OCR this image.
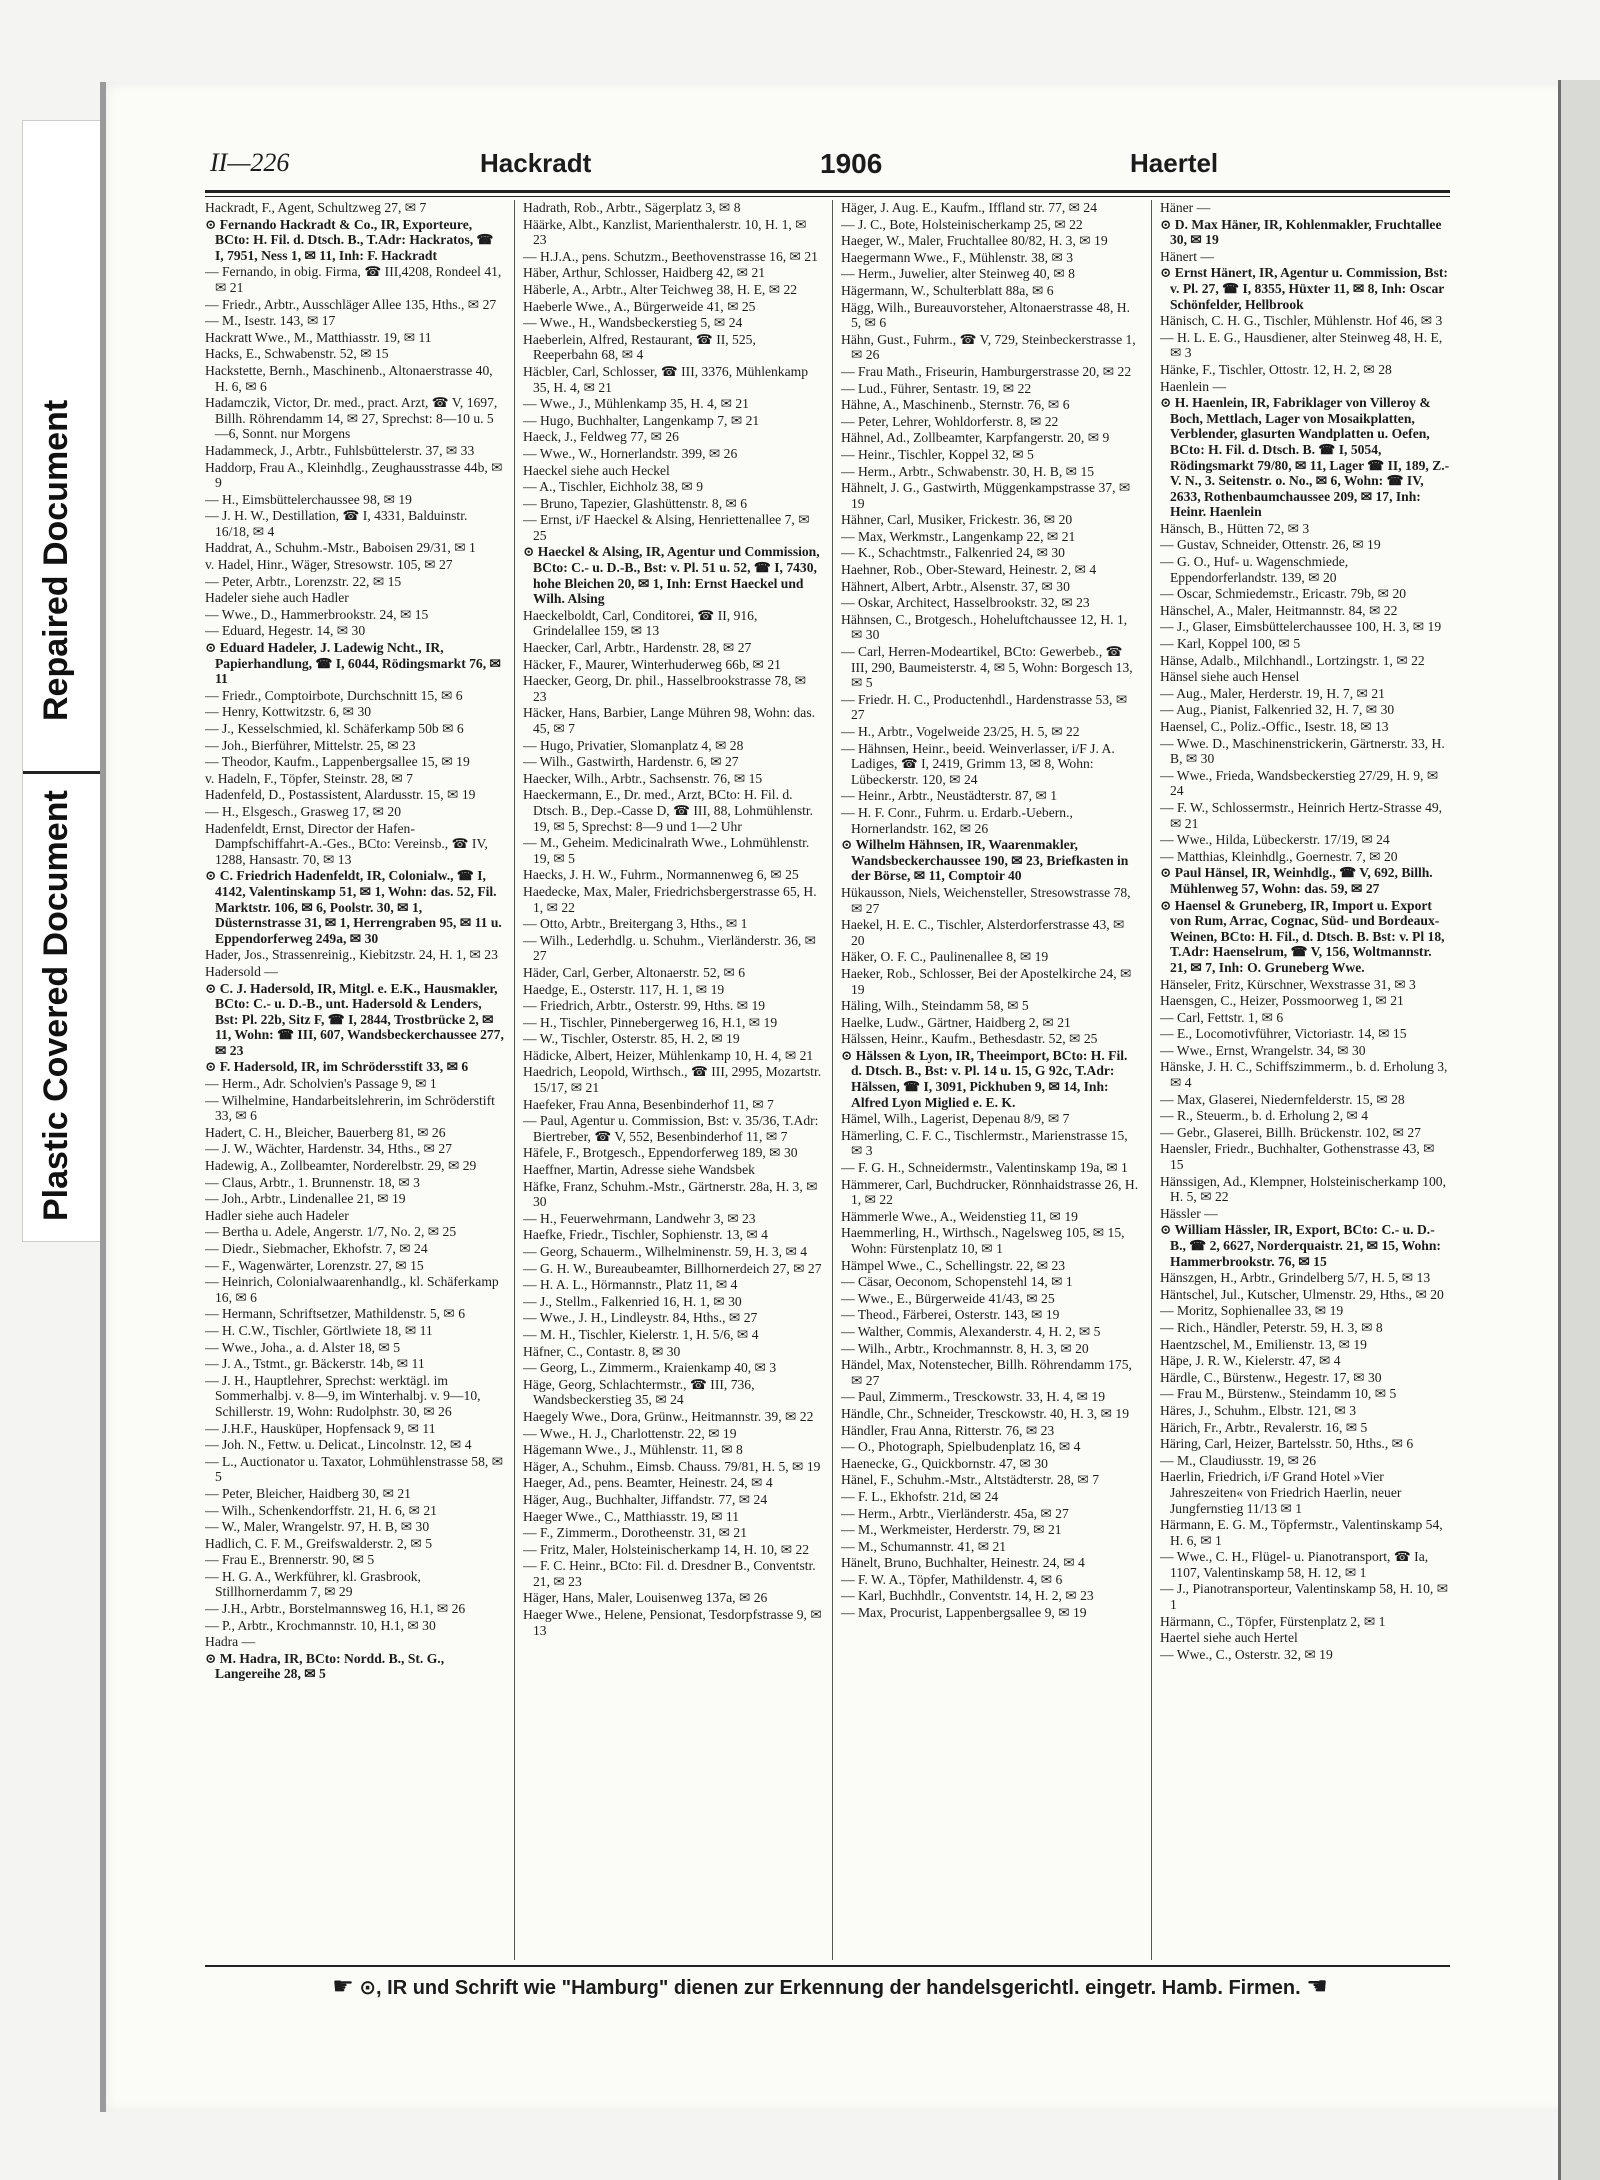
Plastic Covered Document
Repaired Document
II—226	Hackradt	1906	Haertel
Hackradt, F., Agent, Schultzweg 27, ✉ 7
⊙ Fernando Hackradt & Co., IR, Exporteure, BCto: H. Fil. d. Dtsch. B., T.Adr: Hackratos, ☎ I, 7951, Ness 1, ✉ 11, Inh: F. Hackradt
— Fernando, in obig. Firma, ☎ III,4208, Rondeel 41, ✉ 21
— Friedr., Arbtr., Ausschläger Allee 135, Hths., ✉ 27
— M., Isestr. 143, ✉ 17
Hackratt Wwe., M., Matthiasstr. 19, ✉ 11
Hacks, E., Schwabenstr. 52, ✉ 15
Hackstette, Bernh., Maschinenb., Altonaerstrasse 40, H. 6, ✉ 6
Hadamczik, Victor, Dr. med., pract. Arzt, ☎ V, 1697, Billh. Röhrendamm 14, ✉ 27, Sprechst: 8—10 u. 5—6, Sonnt. nur Morgens
Hadammeck, J., Arbtr., Fuhlsbüttelerstr. 37, ✉ 33
Haddorp, Frau A., Kleinhdlg., Zeughausstrasse 44b, ✉ 9
— H., Eimsbüttelerchaussee 98, ✉ 19
— J. H. W., Destillation, ☎ I, 4331, Balduinstr. 16/18, ✉ 4
Haddrat, A., Schuhm.-Mstr., Baboisen 29/31, ✉ 1
v. Hadel, Hinr., Wäger, Stresowstr. 105, ✉ 27
— Peter, Arbtr., Lorenzstr. 22, ✉ 15
Hadeler siehe auch Hadler
— Wwe., D., Hammerbrookstr. 24, ✉ 15
— Eduard, Hegestr. 14, ✉ 30
⊙ Eduard Hadeler, J. Ladewig Ncht., IR, Papierhandlung, ☎ I, 6044, Rödingsmarkt 76, ✉ 11
— Friedr., Comptoirbote, Durchschnitt 15, ✉ 6
— Henry, Kottwitzstr. 6, ✉ 30
— J., Kesselschmied, kl. Schäferkamp 50b ✉ 6
— Joh., Bierführer, Mittelstr. 25, ✉ 23
— Theodor, Kaufm., Lappenbergsallee 15, ✉ 19
v. Hadeln, F., Töpfer, Steinstr. 28, ✉ 7
Hadenfeld, D., Postassistent, Alardusstr. 15, ✉ 19
— H., Elsgesch., Grasweg 17, ✉ 20
Hadenfeldt, Ernst, Director der Hafen-Dampfschiffahrt-A.-Ges., BCto: Vereinsb., ☎ IV, 1288, Hansastr. 70, ✉ 13
⊙ C. Friedrich Hadenfeldt, IR, Colonialw., ☎ I, 4142, Valentinskamp 51, ✉ 1, Wohn: das. 52, Fil. Marktstr. 106, ✉ 6, Poolstr. 30, ✉ 1, Düsternstrasse 31, ✉ 1, Herrengraben 95, ✉ 11 u. Eppendorferweg 249a, ✉ 30
Hader, Jos., Strassenreinig., Kiebitzstr. 24, H. 1, ✉ 23
Hadersold —
⊙ C. J. Hadersold, IR, Mitgl. e. E.K., Hausmakler, BCto: C.- u. D.-B., unt. Hadersold & Lenders, Bst: Pl. 22b, Sitz F, ☎ I, 2844, Trostbrücke 2, ✉ 11, Wohn: ☎ III, 607, Wandsbeckerchaussee 277, ✉ 23
⊙ F. Hadersold, IR, im Schrödersstift 33, ✉ 6
— Herm., Adr. Scholvien's Passage 9, ✉ 1
— Wilhelmine, Handarbeitslehrerin, im Schröderstift 33, ✉ 6
Hadert, C. H., Bleicher, Bauerberg 81, ✉ 26
— J. W., Wächter, Hardenstr. 34, Hths., ✉ 27
Hadewig, A., Zollbeamter, Norderelbstr. 29, ✉ 29
— Claus, Arbtr., 1. Brunnenstr. 18, ✉ 3
— Joh., Arbtr., Lindenallee 21, ✉ 19
Hadler siehe auch Hadeler
— Bertha u. Adele, Angerstr. 1/7, No. 2, ✉ 25
— Diedr., Siebmacher, Ekhofstr. 7, ✉ 24
— F., Wagenwärter, Lorenzstr. 27, ✉ 15
— Heinrich, Colonialwaarenhandlg., kl. Schäferkamp 16, ✉ 6
— Hermann, Schriftsetzer, Mathildenstr. 5, ✉ 6
— H. C.W., Tischler, Görtlwiete 18, ✉ 11
— Wwe., Joha., a. d. Alster 18, ✉ 5
— J. A., Tstmt., gr. Bäckerstr. 14b, ✉ 11
— J. H., Hauptlehrer, Sprechst: werktägl. im Sommerhalbj. v. 8—9, im Winterhalbj. v. 9—10, Schillerstr. 19, Wohn: Rudolphstr. 30, ✉ 26
— J.H.F., Hausküper, Hopfensack 9, ✉ 11
— Joh. N., Fettw. u. Delicat., Lincolnstr. 12, ✉ 4
— L., Auctionator u. Taxator, Lohmühlenstrasse 58, ✉ 5
— Peter, Bleicher, Haidberg 30, ✉ 21
— Wilh., Schenkendorffstr. 21, H. 6, ✉ 21
— W., Maler, Wrangelstr. 97, H. B, ✉ 30
Hadlich, C. F. M., Greifswalderstr. 2, ✉ 5
— Frau E., Brennerstr. 90, ✉ 5
— H. G. A., Werkführer, kl. Grasbrook, Stillhornerdamm 7, ✉ 29
— J.H., Arbtr., Borstelmannsweg 16, H.1, ✉ 26
— P., Arbtr., Krochmannstr. 10, H.1, ✉ 30
Hadra —
⊙ M. Hadra, IR, BCto: Nordd. B., St. G., Langereihe 28, ✉ 5
Hadrath, Rob., Arbtr., Sägerplatz 3, ✉ 8
Häärke, Albt., Kanzlist, Marienthalerstr. 10, H. 1, ✉ 23
— H.J.A., pens. Schutzm., Beethovenstrasse 16, ✉ 21
Häber, Arthur, Schlosser, Haidberg 42, ✉ 21
Häberle, A., Arbtr., Alter Teichweg 38, H. E, ✉ 22
Haeberle Wwe., A., Bürgerweide 41, ✉ 25
— Wwe., H., Wandsbeckerstieg 5, ✉ 24
Haeberlein, Alfred, Restaurant, ☎ II, 525, Reeperbahn 68, ✉ 4
Häcbler, Carl, Schlosser, ☎ III, 3376, Mühlenkamp 35, H. 4, ✉ 21
— Wwe., J., Mühlenkamp 35, H. 4, ✉ 21
— Hugo, Buchhalter, Langenkamp 7, ✉ 21
Haeck, J., Feldweg 77, ✉ 26
— Wwe., W., Hornerlandstr. 399, ✉ 26
Haeckel siehe auch Heckel
— A., Tischler, Eichholz 38, ✉ 9
— Bruno, Tapezier, Glashüttenstr. 8, ✉ 6
— Ernst, i/F Haeckel & Alsing, Henriettenallee 7, ✉ 25
⊙ Haeckel & Alsing, IR, Agentur und Commission, BCto: C.- u. D.-B., Bst: v. Pl. 51 u. 52, ☎ I, 7430, hohe Bleichen 20, ✉ 1, Inh: Ernst Haeckel und Wilh. Alsing
Haeckelboldt, Carl, Conditorei, ☎ II, 916, Grindelallee 159, ✉ 13
Haecker, Carl, Arbtr., Hardenstr. 28, ✉ 27
Häcker, F., Maurer, Winterhuderweg 66b, ✉ 21
Haecker, Georg, Dr. phil., Hasselbrookstrasse 78, ✉ 23
Häcker, Hans, Barbier, Lange Mühren 98, Wohn: das. 45, ✉ 7
— Hugo, Privatier, Slomanplatz 4, ✉ 28
— Wilh., Gastwirth, Hardenstr. 6, ✉ 27
Haecker, Wilh., Arbtr., Sachsenstr. 76, ✉ 15
Haeckermann, E., Dr. med., Arzt, BCto: H. Fil. d. Dtsch. B., Dep.-Casse D, ☎ III, 88, Lohmühlenstr. 19, ✉ 5, Sprechst: 8—9 und 1—2 Uhr
— M., Geheim. Medicinalrath Wwe., Lohmühlenstr. 19, ✉ 5
Haecks, J. H. W., Fuhrm., Normannenweg 6, ✉ 25
Haedecke, Max, Maler, Friedrichsbergerstrasse 65, H. 1, ✉ 22
— Otto, Arbtr., Breitergang 3, Hths., ✉ 1
— Wilh., Lederhdlg. u. Schuhm., Vierländerstr. 36, ✉ 27
Häder, Carl, Gerber, Altonaerstr. 52, ✉ 6
Haedge, E., Osterstr. 117, H. 1, ✉ 19
— Friedrich, Arbtr., Osterstr. 99, Hths. ✉ 19
— H., Tischler, Pinnebergerweg 16, H.1, ✉ 19
— W., Tischler, Osterstr. 85, H. 2, ✉ 19
Hädicke, Albert, Heizer, Mühlenkamp 10, H. 4, ✉ 21
Haedrich, Leopold, Wirthsch., ☎ III, 2995, Mozartstr. 15/17, ✉ 21
Haefeker, Frau Anna, Besenbinderhof 11, ✉ 7
— Paul, Agentur u. Commission, Bst: v. 35/36, T.Adr: Biertreber, ☎ V, 552, Besenbinderhof 11, ✉ 7
Häfele, F., Brotgesch., Eppendorferweg 189, ✉ 30
Haeffner, Martin, Adresse siehe Wandsbek
Häfke, Franz, Schuhm.-Mstr., Gärtnerstr. 28a, H. 3, ✉ 30
— H., Feuerwehrmann, Landwehr 3, ✉ 23
Haefke, Friedr., Tischler, Sophienstr. 13, ✉ 4
— Georg, Schauerm., Wilhelminenstr. 59, H. 3, ✉ 4
— G. H. W., Bureaubeamter, Billhornerdeich 27, ✉ 27
— H. A. L., Hörmannstr., Platz 11, ✉ 4
— J., Stellm., Falkenried 16, H. 1, ✉ 30
— Wwe., J. H., Lindleystr. 84, Hths., ✉ 27
— M. H., Tischler, Kielerstr. 1, H. 5/6, ✉ 4
Häfner, C., Contastr. 8, ✉ 30
— Georg, L., Zimmerm., Kraienkamp 40, ✉ 3
Häge, Georg, Schlachtermstr., ☎ III, 736, Wandsbeckerstieg 35, ✉ 24
Haegely Wwe., Dora, Grünw., Heitmannstr. 39, ✉ 22
— Wwe., H. J., Charlottenstr. 22, ✉ 19
Hägemann Wwe., J., Mühlenstr. 11, ✉ 8
Häger, A., Schuhm., Eimsb. Chauss. 79/81, H. 5, ✉ 19
Haeger, Ad., pens. Beamter, Heinestr. 24, ✉ 4
Häger, Aug., Buchhalter, Jiffandstr. 77, ✉ 24
Haeger Wwe., C., Matthiasstr. 19, ✉ 11
— F., Zimmerm., Dorotheenstr. 31, ✉ 21
— Fritz, Maler, Holsteinischerkamp 14, H. 10, ✉ 22
— F. C. Heinr., BCto: Fil. d. Dresdner B., Conventstr. 21, ✉ 23
Häger, Hans, Maler, Louisenweg 137a, ✉ 26
Haeger Wwe., Helene, Pensionat, Tesdorpfstrasse 9, ✉ 13
Häger, J. Aug. E., Kaufm., Iffland str. 77, ✉ 24
— J. C., Bote, Holsteinischerkamp 25, ✉ 22
Haeger, W., Maler, Fruchtallee 80/82, H. 3, ✉ 19
Haegermann Wwe., F., Mühlenstr. 38, ✉ 3
— Herm., Juwelier, alter Steinweg 40, ✉ 8
Hägermann, W., Schulterblatt 88a, ✉ 6
Hägg, Wilh., Bureauvorsteher, Altonaerstrasse 48, H. 5, ✉ 6
Hähn, Gust., Fuhrm., ☎ V, 729, Steinbeckerstrasse 1, ✉ 26
— Frau Math., Friseurin, Hamburgerstrasse 20, ✉ 22
— Lud., Führer, Sentastr. 19, ✉ 22
Hähne, A., Maschinenb., Sternstr. 76, ✉ 6
— Peter, Lehrer, Wohldorferstr. 8, ✉ 22
Hähnel, Ad., Zollbeamter, Karpfangerstr. 20, ✉ 9
— Heinr., Tischler, Koppel 32, ✉ 5
— Herm., Arbtr., Schwabenstr. 30, H. B, ✉ 15
Hähnelt, J. G., Gastwirth, Müggenkampstrasse 37, ✉ 19
Hähner, Carl, Musiker, Frickestr. 36, ✉ 20
— Max, Werkmstr., Langenkamp 22, ✉ 21
— K., Schachtmstr., Falkenried 24, ✉ 30
Haehner, Rob., Ober-Steward, Heinestr. 2, ✉ 4
Hähnert, Albert, Arbtr., Alsenstr. 37, ✉ 30
— Oskar, Architect, Hasselbrookstr. 32, ✉ 23
Hähnsen, C., Brotgesch., Hoheluftchaussee 12, H. 1, ✉ 30
— Carl, Herren-Modeartikel, BCto: Gewerbeb., ☎ III, 290, Baumeisterstr. 4, ✉ 5, Wohn: Borgesch 13, ✉ 5
— Friedr. H. C., Productenhdl., Hardenstrasse 53, ✉ 27
— H., Arbtr., Vogelweide 23/25, H. 5, ✉ 22
— Hähnsen, Heinr., beeid. Weinverlasser, i/F J. A. Ladiges, ☎ I, 2419, Grimm 13, ✉ 8, Wohn: Lübeckerstr. 120, ✉ 24
— Heinr., Arbtr., Neustädterstr. 87, ✉ 1
— H. F. Conr., Fuhrm. u. Erdarb.-Uebern., Hornerlandstr. 162, ✉ 26
⊙ Wilhelm Hähnsen, IR, Waarenmakler, Wandsbeckerchaussee 190, ✉ 23, Briefkasten in der Börse, ✉ 11, Comptoir 40
Hükausson, Niels, Weichensteller, Stresowstrasse 78, ✉ 27
Haekel, H. E. C., Tischler, Alsterdorferstrasse 43, ✉ 20
Häker, O. F. C., Paulinenallee 8, ✉ 19
Haeker, Rob., Schlosser, Bei der Apostelkirche 24, ✉ 19
Häling, Wilh., Steindamm 58, ✉ 5
Haelke, Ludw., Gärtner, Haidberg 2, ✉ 21
Hälssen, Heinr., Kaufm., Bethesdastr. 52, ✉ 25
⊙ Hälssen & Lyon, IR, Theeimport, BCto: H. Fil. d. Dtsch. B., Bst: v. Pl. 14 u. 15, G 92c, T.Adr: Hälssen, ☎ I, 3091, Pickhuben 9, ✉ 14, Inh: Alfred Lyon Miglied e. E. K.
Hämel, Wilh., Lagerist, Depenau 8/9, ✉ 7
Hämerling, C. F. C., Tischlermstr., Marienstrasse 15, ✉ 3
— F. G. H., Schneidermstr., Valentinskamp 19a, ✉ 1
Hämmerer, Carl, Buchdrucker, Rönnhaidstrasse 26, H. 1, ✉ 22
Hämmerle Wwe., A., Weidenstieg 11, ✉ 19
Haemmerling, H., Wirthsch., Nagelsweg 105, ✉ 15, Wohn: Fürstenplatz 10, ✉ 1
Hämpel Wwe., C., Schellingstr. 22, ✉ 23
— Cäsar, Oeconom, Schopenstehl 14, ✉ 1
— Wwe., E., Bürgerweide 41/43, ✉ 25
— Theod., Färberei, Osterstr. 143, ✉ 19
— Walther, Commis, Alexanderstr. 4, H. 2, ✉ 5
— Wilh., Arbtr., Krochmannstr. 8, H. 3, ✉ 20
Händel, Max, Notenstecher, Billh. Röhrendamm 175, ✉ 27
— Paul, Zimmerm., Tresckowstr. 33, H. 4, ✉ 19
Händle, Chr., Schneider, Tresckowstr. 40, H. 3, ✉ 19
Händler, Frau Anna, Ritterstr. 76, ✉ 23
— O., Photograph, Spielbudenplatz 16, ✉ 4
Haenecke, G., Quickbornstr. 47, ✉ 30
Hänel, F., Schuhm.-Mstr., Altstädterstr. 28, ✉ 7
— F. L., Ekhofstr. 21d, ✉ 24
— Herm., Arbtr., Vierländerstr. 45a, ✉ 27
— M., Werkmeister, Herderstr. 79, ✉ 21
— M., Schumannstr. 41, ✉ 21
Hänelt, Bruno, Buchhalter, Heinestr. 24, ✉ 4
— F. W. A., Töpfer, Mathildenstr. 4, ✉ 6
— Karl, Buchhdlr., Conventstr. 14, H. 2, ✉ 23
— Max, Procurist, Lappenbergsallee 9, ✉ 19
Häner —
⊙ D. Max Häner, IR, Kohlenmakler, Fruchtallee 30, ✉ 19
Hänert —
⊙ Ernst Hänert, IR, Agentur u. Commission, Bst: v. Pl. 27, ☎ I, 8355, Hüxter 11, ✉ 8, Inh: Oscar Schönfelder, Hellbrook
Hänisch, C. H. G., Tischler, Mühlenstr. Hof 46, ✉ 3
— H. L. E. G., Hausdiener, alter Steinweg 48, H. E, ✉ 3
Hänke, F., Tischler, Ottostr. 12, H. 2, ✉ 28
Haenlein —
⊙ H. Haenlein, IR, Fabriklager von Villeroy & Boch, Mettlach, Lager von Mosaikplatten, Verblender, glasurten Wandplatten u. Oefen, BCto: H. Fil. d. Dtsch. B. ☎ I, 5054, Rödingsmarkt 79/80, ✉ 11, Lager ☎ II, 189, Z.-V. N., 3. Seitenstr. o. No., ✉ 6, Wohn: ☎ IV, 2633, Rothenbaumchaussee 209, ✉ 17, Inh: Heinr. Haenlein
Hänsch, B., Hütten 72, ✉ 3
— Gustav, Schneider, Ottenstr. 26, ✉ 19
— G. O., Huf- u. Wagenschmiede, Eppendorferlandstr. 139, ✉ 20
— Oscar, Schmiedemstr., Ericastr. 79b, ✉ 20
Hänschel, A., Maler, Heitmannstr. 84, ✉ 22
— J., Glaser, Eimsbüttelerchaussee 100, H. 3, ✉ 19
— Karl, Koppel 100, ✉ 5
Hänse, Adalb., Milchhandl., Lortzingstr. 1, ✉ 22
Hänsel siehe auch Hensel
— Aug., Maler, Herderstr. 19, H. 7, ✉ 21
— Aug., Pianist, Falkenried 32, H. 7, ✉ 30
Haensel, C., Poliz.-Offic., Isestr. 18, ✉ 13
— Wwe. D., Maschinenstrickerin, Gärtnerstr. 33, H. B, ✉ 30
— Wwe., Frieda, Wandsbeckerstieg 27/29, H. 9, ✉ 24
— F. W., Schlossermstr., Heinrich Hertz-Strasse 49, ✉ 21
— Wwe., Hilda, Lübeckerstr. 17/19, ✉ 24
— Matthias, Kleinhdlg., Goernestr. 7, ✉ 20
⊙ Paul Hänsel, IR, Weinhdlg., ☎ V, 692, Billh. Mühlenweg 57, Wohn: das. 59, ✉ 27
⊙ Haensel & Gruneberg, IR, Import u. Export von Rum, Arrac, Cognac, Süd- und Bordeaux-Weinen, BCto: H. Fil., d. Dtsch. B. Bst: v. Pl 18, T.Adr: Haenselrum, ☎ V, 156, Woltmannstr. 21, ✉ 7, Inh: O. Gruneberg Wwe.
Hänseler, Fritz, Kürschner, Wexstrasse 31, ✉ 3
Haensgen, C., Heizer, Possmoorweg 1, ✉ 21
— Carl, Fettstr. 1, ✉ 6
— E., Locomotivführer, Victoriastr. 14, ✉ 15
— Wwe., Ernst, Wrangelstr. 34, ✉ 30
Hänske, J. H. C., Schiffszimmerm., b. d. Erholung 3, ✉ 4
— Max, Glaserei, Niedernfelderstr. 15, ✉ 28
— R., Steuerm., b. d. Erholung 2, ✉ 4
— Gebr., Glaserei, Billh. Brückenstr. 102, ✉ 27
Haensler, Friedr., Buchhalter, Gothenstrasse 43, ✉ 15
Hänssigen, Ad., Klempner, Holsteinischerkamp 100, H. 5, ✉ 22
Hässler —
⊙ William Hässler, IR, Export, BCto: C.- u. D.-B., ☎ 2, 6627, Norderquaistr. 21, ✉ 15, Wohn: Hammerbrookstr. 76, ✉ 15
Hänszgen, H., Arbtr., Grindelberg 5/7, H. 5, ✉ 13
Häntschel, Jul., Kutscher, Ulmenstr. 29, Hths., ✉ 20
— Moritz, Sophienallee 33, ✉ 19
— Rich., Händler, Peterstr. 59, H. 3, ✉ 8
Haentzschel, M., Emilienstr. 13, ✉ 19
Häpe, J. R. W., Kielerstr. 47, ✉ 4
Härdle, C., Bürstenw., Hegestr. 17, ✉ 30
— Frau M., Bürstenw., Steindamm 10, ✉ 5
Häres, J., Schuhm., Elbstr. 121, ✉ 3
Härich, Fr., Arbtr., Revalerstr. 16, ✉ 5
Häring, Carl, Heizer, Bartelsstr. 50, Hths., ✉ 6
— M., Claudiusstr. 19, ✉ 26
Haerlin, Friedrich, i/F Grand Hotel »Vier Jahreszeiten« von Friedrich Haerlin, neuer Jungfernstieg 11/13 ✉ 1
Härmann, E. G. M., Töpfermstr., Valentinskamp 54, H. 6, ✉ 1
— Wwe., C. H., Flügel- u. Pianotransport, ☎ Ia, 1107, Valentinskamp 58, H. 12, ✉ 1
— J., Pianotransporteur, Valentinskamp 58, H. 10, ✉ 1
Härmann, C., Töpfer, Fürstenplatz 2, ✉ 1
Haertel siehe auch Hertel
— Wwe., C., Osterstr. 32, ✉ 19
☛ ⊙, IR und Schrift wie "Hamburg" dienen zur Erkennung der handelsgerichtl. eingetr. Hamb. Firmen. ☚
